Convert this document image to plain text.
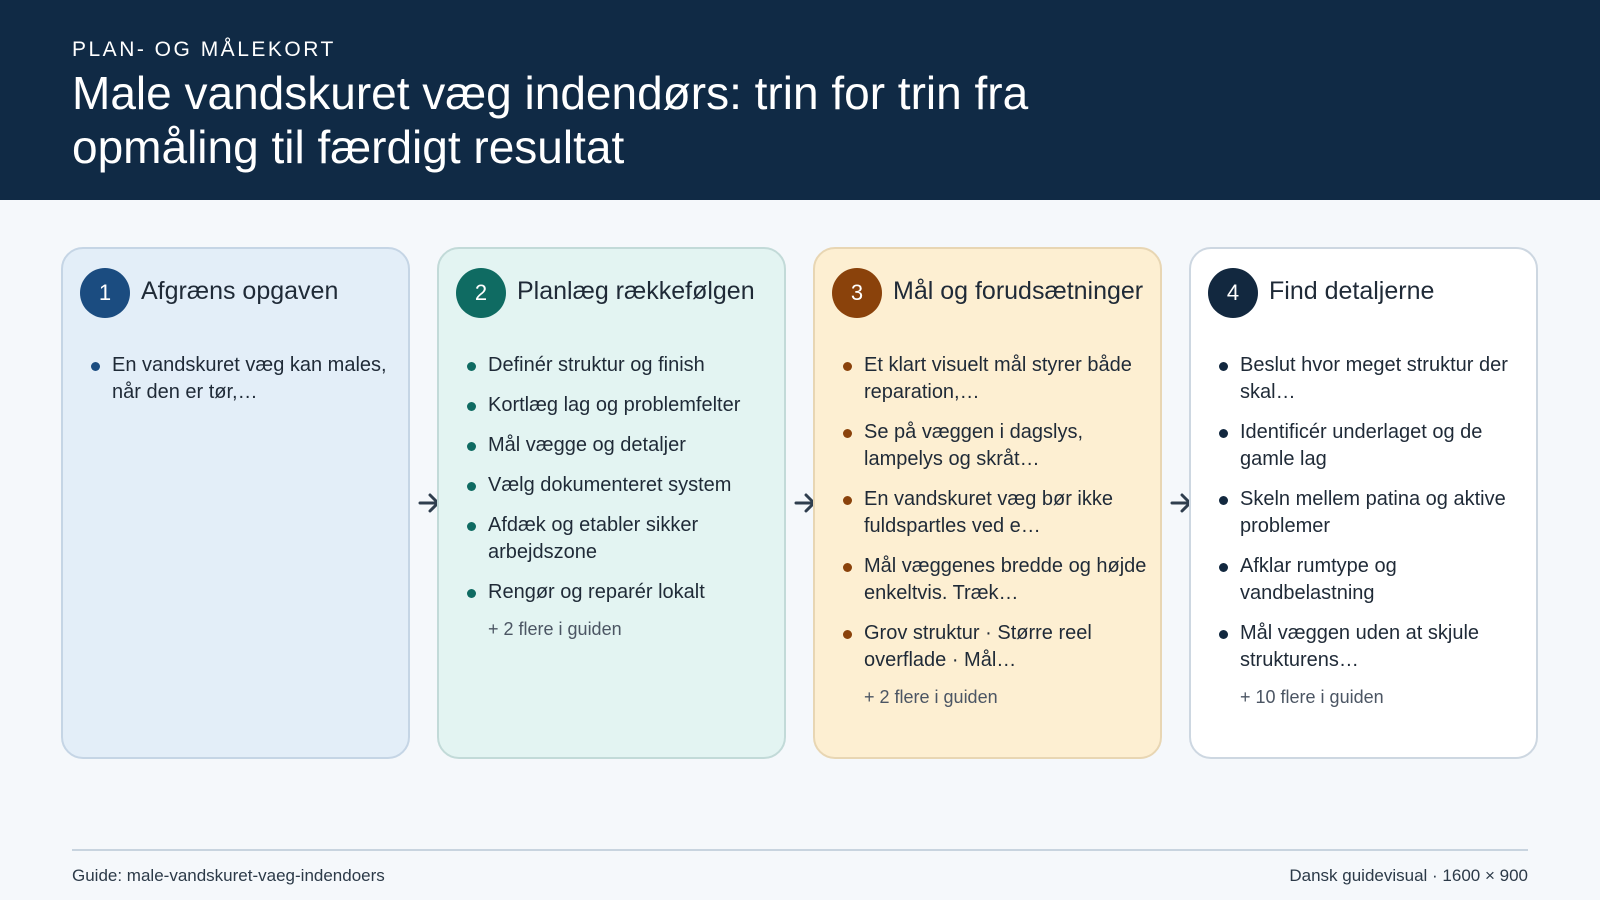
PLAN- OG MÅLEKORT
Male vandskuret væg indendørs: trin for trin fra opmåling til færdigt resultat
1	Afgræns opgaven
En vandskuret væg kan males, når den er tør,…
2	Planlæg rækkefølgen
Definér struktur og finish
Kortlæg lag og problemfelter
Mål vægge og detaljer
Vælg dokumenteret system
Afdæk og etabler sikker arbejdszone
Rengør og reparér lokalt
+ 2 flere i guiden
3	Mål og forudsætninger
Et klart visuelt mål styrer både reparation,…
Se på væggen i dagslys, lampelys og skråt…
En vandskuret væg bør ikke fuldspartles ved e…
Mål væggenes bredde og højde enkeltvis. Træk…
Grov struktur · Større reel overflade · Mål…
+ 2 flere i guiden
4	Find detaljerne
Beslut hvor meget struktur der skal…
Identificér underlaget og de gamle lag
Skeln mellem patina og aktive problemer
Afklar rumtype og vandbelastning
Mål væggen uden at skjule strukturens…
+ 10 flere i guiden
Guide: male-vandskuret-vaeg-indendoers	Dansk guidevisual · 1600 × 900
